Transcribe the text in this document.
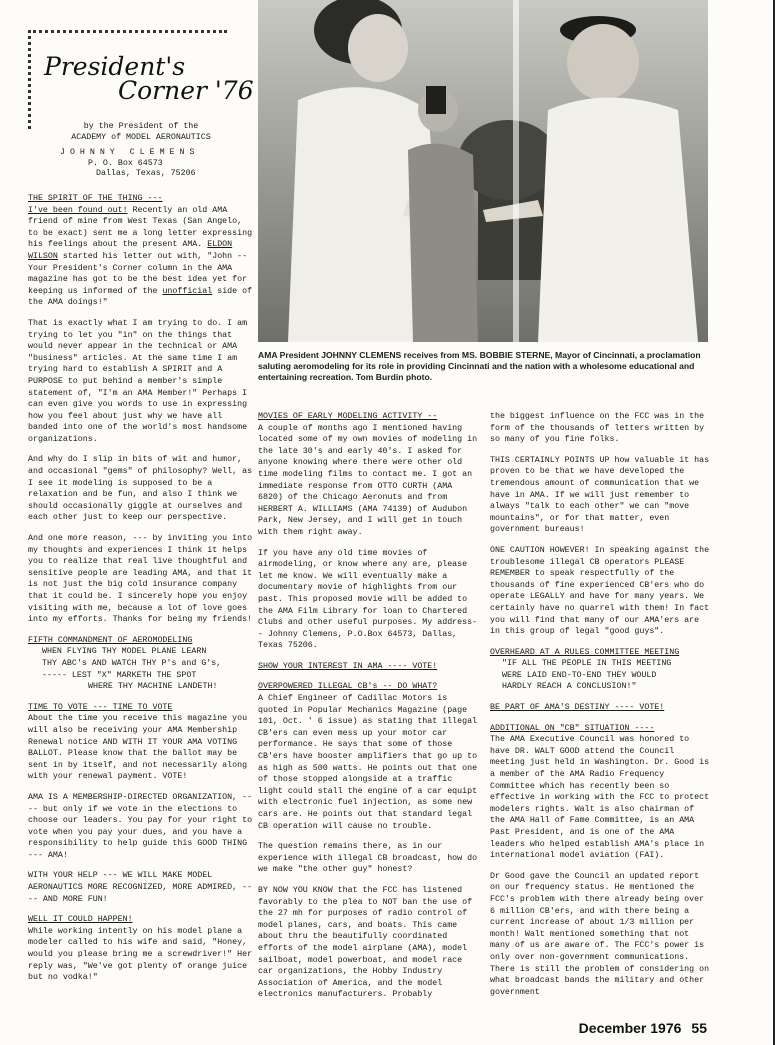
President's
Corner '76
by the President of the
ACADEMY of MODEL AERONAUTICS
J O H N N Y   C L E M E N S
P. O. Box 64573
Dallas, Texas, 75206
AMA President JOHNNY CLEMENS receives from MS. BOBBIE STERNE, Mayor of Cincinnati, a proclamation saluting aeromodeling for its role in providing Cincinnati and the nation with a wholesome educational and entertaining recreation. Tom Burdin photo.
THE SPIRIT OF THE THING ---

I've been found out! Recently an old AMA friend of mine from West Texas (San Angelo, to be exact) sent me a long letter expressing his feelings about the present AMA. ELDON WILSON started his letter out with, "John -- Your President's Corner column in the AMA magazine has got to be the best idea yet for keeping us informed of the unofficial side of the AMA doings!"

That is exactly what I am trying to do. I am trying to let you "in" on the things that would never appear in the technical or AMA "business" articles. At the same time I am trying hard to establish A SPIRIT and A PURPOSE to put behind a member's simple statement of, "I'm an AMA Member!" Perhaps I can even give you words to use in expressing how you feel about just why we have all banded into one of the world's most handsome organizations.

And why do I slip in bits of wit and humor, and occasional "gems" of philosophy? Well, as I see it modeling is supposed to be a relaxation and be fun, and also I think we should occasionally giggle at ourselves and each other just to keep our perspective.

And one more reason, --- by inviting you into my thoughts and experiences I think it helps you to realize that real live thoughtful and sensitive people are leading AMA, and that it is not just the big cold insurance company that it could be. I sincerely hope you enjoy visiting with me, because a lot of love goes into my efforts. Thanks for being my friends!

FIFTH COMMANDMENT OF AEROMODELING
WHEN FLYING THY MODEL PLANE LEARN
THY ABC's AND WATCH THY P's and G's,
----- LEST "X" MARKETH THE SPOT
WHERE THY MACHINE LANDETH!
TIME TO VOTE --- TIME TO VOTE

About the time you receive this magazine you will also be receiving your AMA Membership Renewal notice AND WITH IT YOUR AMA VOTING BALLOT. Please know that the ballot may be sent in by itself, and not necessarily along with your renewal payment. VOTE!

AMA IS A MEMBERSHIP-DIRECTED ORGANIZATION, ---- but only if we vote in the elections to choose our leaders. You pay for your right to vote when you pay your dues, and you have a responsibility to help guide this GOOD THING --- AMA!

WITH YOUR HELP --- WE WILL MAKE MODEL AERONAUTICS MORE RECOGNIZED, MORE ADMIRED, ---- AND MORE FUN!

WELL IT COULD HAPPEN!

While working intently on his model plane a modeler called to his wife and said, "Honey, would you please bring me a screwdriver!" Her reply was, "We've got plenty of orange juice but no vodka!"

MOVIES OF EARLY MODELING ACTIVITY --

A couple of months ago I mentioned having located some of my own movies of modeling in the late 30's and early 40's. I asked for anyone knowing where there were other old time modeling films to contact me. I got an immediate response from OTTO CURTH (AMA 6820) of the Chicago Aeronuts and from HERBERT A. WILLIAMS (AMA 74139) of Audubon Park, New Jersey, and I will get in touch with them right away.

If you have any old time movies of airmodeling, or know where any are, please let me know. We will eventually make a documentary movie of highlights from our past. This proposed movie will be added to the AMA Film Library for loan to Chartered Clubs and other useful purposes. My address-- Johnny Clemens, P.O.Box 64573, Dallas, Texas 75206.

SHOW YOUR INTEREST IN AMA ---- VOTE!

OVERPOWERED ILLEGAL CB's -- DO WHAT?

A Chief Engineer of Cadillac Motors is quoted in Popular Mechanics Magazine (page 101, Oct. ' 6 issue) as stating that illegal CB'ers can even mess up your motor car performance. He says that some of those CB'ers have booster amplifiers that go up to as high as 500 watts. He points out that one of those stopped alongside at a traffic light could stall the engine of a car equipt with electronic fuel injection, as some new cars are. He points out that standard legal CB operation will cause no trouble.

The question remains there, as in our experience with illegal CB broadcast, how do we make "the other guy" honest?

BY NOW YOU KNOW that the FCC has listened favorably to the plea to NOT ban the use of the 27 mh for purposes of radio control of model planes, cars, and boats. This came about thru the beautifully coordinated efforts of the model airplane (AMA), model sailboat, model powerboat, and model race car organizations, the Hobby Industry Association of America, and the model electronics manufacturers. Probably

the biggest influence on the FCC was in the form of the thousands of letters written by so many of you fine folks.

THIS CERTAINLY POINTS UP how valuable it has proven to be that we have developed the tremendous amount of communication that we have in AMA. If we will just remember to always "talk to each other" we can "move mountains", or for that matter, even government bureaus!

ONE CAUTION HOWEVER! In speaking against the troublesome illegal CB operators PLEASE REMEMBER to speak respectfully of the thousands of fine experienced CB'ers who do operate LEGALLY and have for many years. We certainly have no quarrel with them! In fact you will find that many of our AMA'ers are in this group of legal "good guys".

OVERHEARD AT A RULES COMMITTEE MEETING
"IF ALL THE PEOPLE IN THIS MEETING
WERE LAID END-TO-END THEY WOULD
HARDLY REACH A CONCLUSION!"

BE PART OF AMA'S DESTINY ---- VOTE!

ADDITIONAL ON "CB" SITUATION ----

The AMA Executive Council was honored to have DR. WALT GOOD attend the Council meeting just held in Washington. Dr. Good is a member of the AMA Radio Frequency Committee which has recently been so effective in working with the FCC to protect modelers rights. Walt is also chairman of the AMA Hall of Fame Committee, is an AMA Past President, and is one of the AMA leaders who helped establish AMA's place in international model aviation (FAI).

Dr Good gave the Council an updated report on our frequency status. He mentioned the FCC's problem with there already being over 6 million CB'ers, and with there being a current increase of about 1/3 million per month! Walt mentioned something that not many of us are aware of. The FCC's power is only over non-government communications. There is still the problem of considering on what broadcast bands the military and other government

December 1976 55
